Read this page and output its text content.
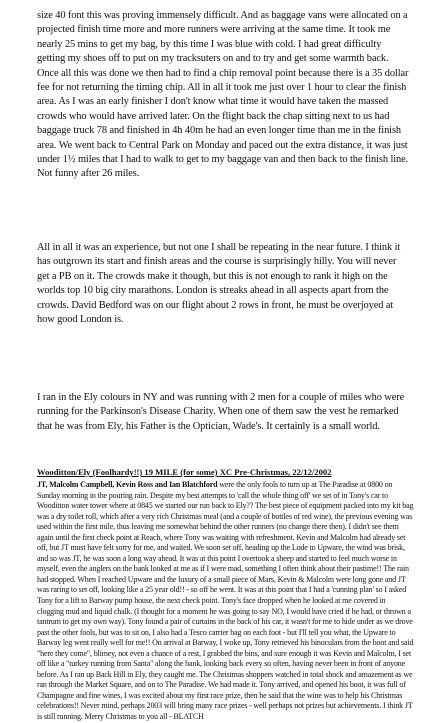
size 40 font this was proving immensely difficult. And as baggage vans were allocated on a projected finish time more and more runners were arriving at the same time. It took me nearly 25 mins to get my bag, by this time I was blue with cold. I had great difficulty getting my shoes off to put on my tracksuters on and to try and get some warmth back. Once all this was done we then had to find a chip removal point because there is a 35 dollar fee for not returning the timing chip. All in all it took me just over 1 hour to clear the finish area. As I was an early finisher I don't know what time it would have taken the massed crowds who would have arrived later. On the flight back the chap sitting next to us had baggage truck 78 and finished in 4h 40m he had an even longer time than me in the finish area. We went back to Central Park on Monday and paced out the extra distance, it was just under 1½ miles that I had to walk to get to my baggage van and then back to the finish line. Not funny after 26 miles.

All in all it was an experience, but not one I shall be repeating in the near future. I think it has outgrown its start and finish areas and the course is surprisingly hilly. You will never get a PB on it. The crowds make it though, but this is not enough to rank it high on the worlds top 10 big city marathons. London is streaks ahead in all aspects apart from the crowds. David Bedford was on our flight about 2 rows in front, he must be overjoyed at how good London is.

I ran in the Ely colours in NY and was running with 2 men for a couple of miles who were running for the Parkinson's Disease Charity. When one of them saw the vest he remarked that he was from Ely, his Father is the Optician, Wade's. It certainly is a small world.

Wooditton/Ely (Foolhardy!!) 19 MILE (for some) XC Pre-Christmas, 22/12/2002

JT, Malcolm Campbell, Kevin Ross and Ian Blatchford were the only fools to turn up at The Paradise at 0800 on Sunday morning in the pouring rain. Despite my best attempts to 'call the whole thing off' we set of in Tony's car to Wooditton water tower where at 0845 we started our run back to Ely?? The best piece of equipment packed into my kit bag was a dry toilet roll, which after a very rich Christmas meal (and a couple of bottles of red wine), the previous evening was used within the first mile, thus leaving me somewhat behind the other runners (no change there then). I didn't see them again until the first check point at Reach, where Tony was waiting with refreshment. Kevin and Malcolm had already set off, but JT must have felt sorry for me, and waited. We soon set off, heading up the Lode to Upware, the wind was brisk, and so was JT, he was soon a long way ahead. It was at this point I overtook a sheep and started to feel much worse in myself, even the anglers on the bank looked at me as if I were mad, something I often think about their pastime!! The rain had stopped. When I reached Upware and the luxury of a small piece of Mars, Kevin & Malcolm were long gone and JT was raring to set off, looking like a 25 year old!! - so off he went. It was at this point that I had a 'cunning plan' so I asked Tony for a lift to Barway pump house, the next check point. Tony's face dropped when he looked at me covered in clogging mud and liquid chalk. (I thought for a moment he was going to say NO, I would have cried if he had, or thrown a tantrum to get my own way). Tony found a pair of curtains in the back of his car, it wasn't for me to hide under as we drove past the other fools, but was to sit on, I also had a Tesco carrier bag on each foot - but I'll tell you what, the Upware to Barway leg went really well for me!! On arrival at Barway, I woke up, Tony retrieved his binoculars from the boot and said "here they come", blimey, not even a chance of a rest, I grabbed the bins, and sure enough it was Kevin and Malcolm, I set off like a "turkey running from Santa" along the bank, looking back every so often, having never been in front of anyone before. As I ran up Back Hill in Ely, they caught me. The Christmas shoppers watched in total shock and amazement as we ran through the Market Square, and on to The Paradise. We had made it. Tony arrived, and opened his boot, it was full of Champagne and fine wines, I was excited about my first race prize, then he said that the wine was to help his Christmas celebrations!! Never mind, perhaps 2003 will bring many race prizes - well perhaps not prizes but achievements. I think JT is still running. Merry Christmas to you all - BLATCH
